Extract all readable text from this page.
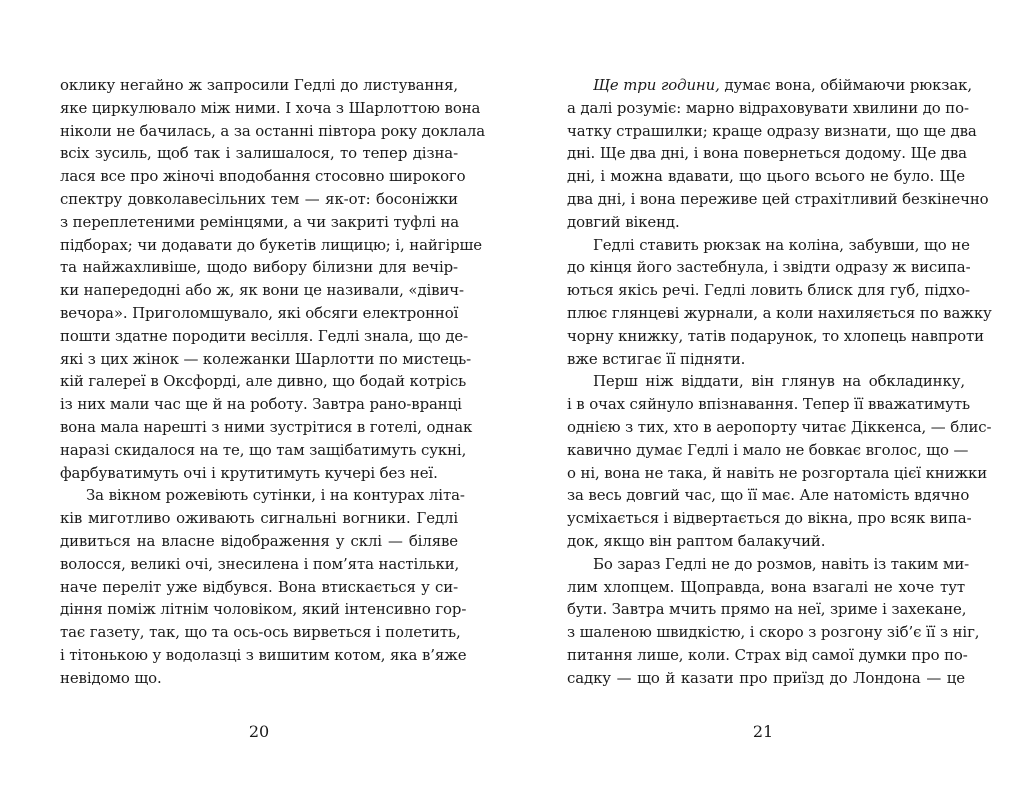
оклику негайно ж запросили Гедлі до листування,
яке циркулювало між ними. І хоча з Шарлоттою вона
ніколи не бачилась, а за останні півтора року доклала
всіх зусиль, щоб так і залишалося, то тепер дізна-
лася все про жіночі вподобання стосовно широкого
спектру довколавесільних тем — як-от: босоніжки
з переплетеними ремінцями, а чи закриті туфлі на
підборах; чи додавати до букетів лищицю; і, найгірше
та найжахливіше, щодо вибору білизни для вечір-
ки напередодні або ж, як вони це називали, «дівич-
вечора». Приголомшувало, які обсяги електронної
пошти здатне породити весілля. Гедлі знала, що де-
які з цих жінок — колежанки Шарлотти по мистець-
кій галереї в Оксфорді, але дивно, що бодай котрісь
із них мали час ще й на роботу. Завтра рано-вранці
вона мала нарешті з ними зустрітися в готелі, однак
наразі скидалося на те, що там защібатимуть сукні,
фарбуватимуть очі і крутитимуть кучері без неї.
За вікном рожевіють сутінки, і на контурах літа-
ків миготливо оживають сигнальні вогники. Гедлі
дивиться на власне відображення у склі — біляве
волосся, великі очі, знесилена і пом’ята настільки,
наче переліт уже відбувся. Вона втискається у си-
діння поміж літнім чоловіком, який інтенсивно гор-
тає газету, так, що та ось-ось вирветься і полетить,
і тітонькою у водолазці з вишитим котом, яка в’яже
невідомо що.
20
Ще три години, думає вона, обіймаючи рюкзак,
а далі розуміє: марно відраховувати хвилини до по-
чатку страшилки; краще одразу визнати, що ще два
дні. Ще два дні, і вона повернеться додому. Ще два
дні, і можна вдавати, що цього всього не було. Ще
два дні, і вона переживе цей страхітливий безкінечно
довгий вікенд.
Гедлі ставить рюкзак на коліна, забувши, що не
до кінця його застебнула, і звідти одразу ж висипа-
ються якісь речі. Гедлі ловить блиск для губ, підхо-
плює глянцеві журнали, а коли нахиляється по важку
чорну книжку, татів подарунок, то хлопець навпроти
вже встигає її підняти.
Перш ніж віддати, він глянув на обкладинку,
і в очах сяйнуло впізнавання. Тепер її вважатимуть
однією з тих, хто в аеропорту читає Діккенса, — блис-
кавично думає Гедлі і мало не бовкає вголос, що —
о ні, вона не така, й навіть не розгортала цієї книжки
за весь довгий час, що її має. Але натомість вдячно
усміхається і відвертається до вікна, про всяк випа-
док, якщо він раптом балакучий.
Бо зараз Гедлі не до розмов, навіть із таким ми-
лим хлопцем. Щоправда, вона взагалі не хоче тут
бути. Завтра мчить прямо на неї, зриме і захекане,
з шаленою швидкістю, і скоро з розгону зіб’є її з ніг,
питання лише, коли. Страх від самої думки про по-
садку — що й казати про приїзд до Лондона — це
21
